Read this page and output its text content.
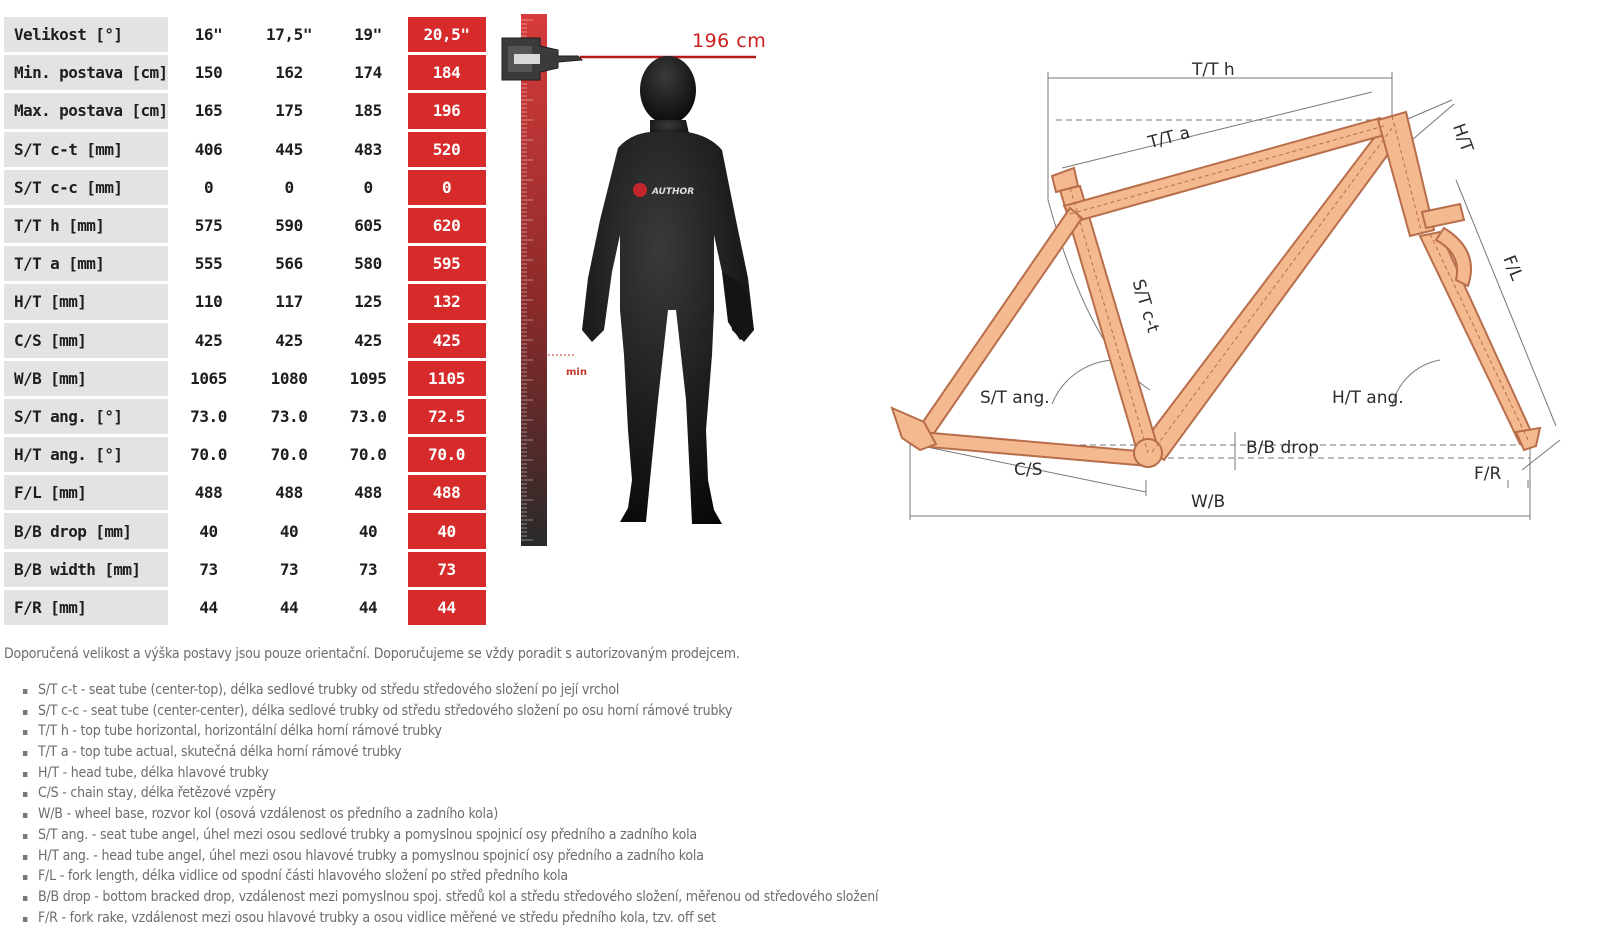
Velikost [°]	16"	17,5"	19"		20,5"
Min. postava [cm]	150	162	174		184
Max. postava [cm]	165	175	185		196
S/T c-t [mm]	406	445	483		520
S/T c-c [mm]	0	0	0		0
T/T h [mm]	575	590	605		620
T/T a [mm]	555	566	580		595
H/T [mm]	110	117	125		132
C/S [mm]	425	425	425		425
W/B [mm]	1065	1080	1095		1105
S/T ang. [°]	73.0	73.0	73.0		72.5
H/T ang. [°]	70.0	70.0	70.0		70.0
F/L [mm]	488	488	488		488
B/B drop [mm]	40	40	40		40
B/B width [mm]	73	73	73		73
F/R [mm]	44	44	44		44
AUTHOR
196 cm
min
T/T h
T/T a	H/T
S/T c-t
F/L
S/T ang.	H/T ang.
B/B drop
C/S	F/R
W/B
Doporučená velikost a výška postavy jsou pouze orientační. Doporučujeme se vždy poradit s autorizovaným prodejcem.
▪ S/T c-t - seat tube (center-top), délka sedlové trubky od středu středového složení po její vrchol
▪ S/T c-c - seat tube (center-center), délka sedlové trubky od středu středového složení po osu horní rámové trubky
▪ T/T h - top tube horizontal, horizontální délka horní rámové trubky
▪ T/T a - top tube actual, skutečná délka horní rámové trubky
▪ H/T - head tube, délka hlavové trubky
▪ C/S - chain stay, délka řetězové vzpěry
▪ W/B - wheel base, rozvor kol (osová vzdálenost os předního a zadního kola)
▪ S/T ang. - seat tube angel, úhel mezi osou sedlové trubky a pomyslnou spojnicí osy předního a zadního kola
▪ H/T ang. - head tube angel, úhel mezi osou hlavové trubky a pomyslnou spojnicí osy předního a zadního kola
▪ F/L - fork length, délka vidlice od spodní části hlavového složení po střed předního kola
▪ B/B drop - bottom bracked drop, vzdálenost mezi pomyslnou spoj. středů kol a středu středového složení, měřenou od středového složení
▪ F/R - fork rake, vzdálenost mezi osou hlavové trubky a osou vidlice měřené ve středu předního kola, tzv. off set
